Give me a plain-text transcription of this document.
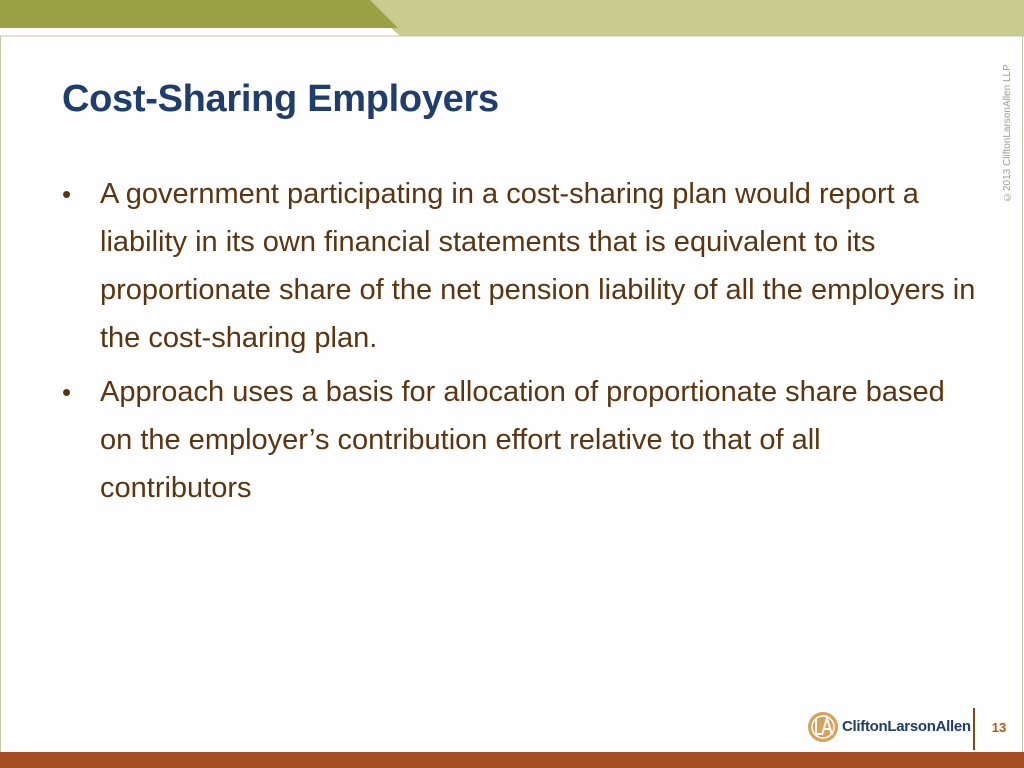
Cost-Sharing Employers
• A government participating in a cost-sharing plan would report a liability in its own financial statements that is equivalent to its proportionate share of the net pension liability of all the employers in the cost-sharing plan.
• Approach uses a basis for allocation of proportionate share based on the employer’s contribution effort relative to that of all contributors
©2013 CliftonLarsonAllen LLP
CliftonLarsonAllen	13
